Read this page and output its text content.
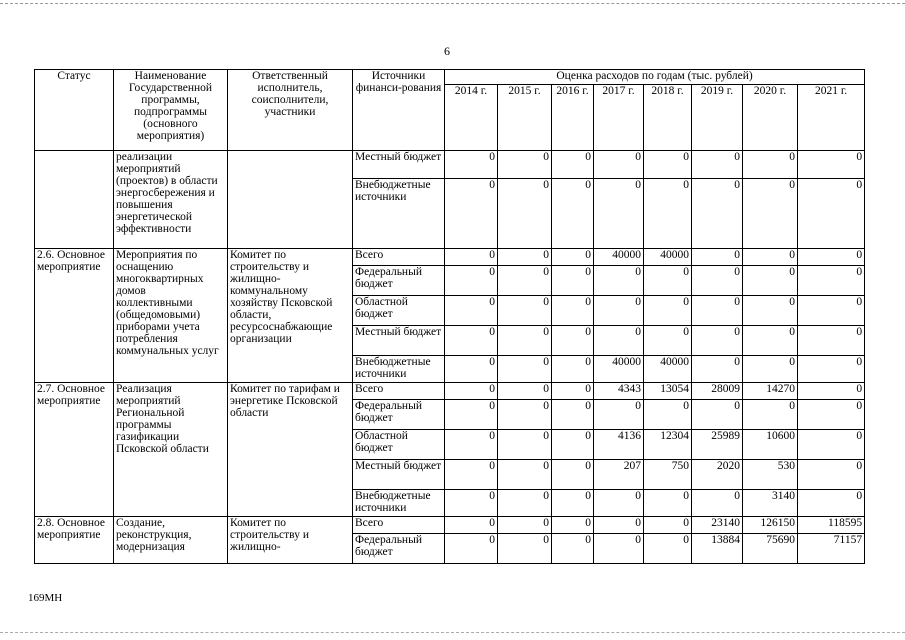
6
Статус	Наименование Государственной программы, подпрограммы (основного мероприятия)	Ответственный исполнитель, соисполнители, участники	Источники финанси-рования	Оценка расходов по годам (тыс. рублей)							
				2014 г.	2015 г.	2016 г.	2017 г.	2018 г.	2019 г.	2020 г.	2021 г.
	реализации мероприятий (проектов) в области энергосбережения и повышения энергетической эффективности		Местный бюджет	0	0	0	0	0	0	0	0
			Внебюджетные источники	0	0	0	0	0	0	0	0
2.6. Основное мероприятие	Мероприятия по оснащению многоквартирных домов коллективными (общедомовыми) приборами учета потребления коммунальных услуг	Комитет по строительству и жилищно-коммунальному хозяйству Псковской области, ресурсоснабжающие организации	Всего	0	0	0	40000	40000	0	0	0
			Федеральный бюджет	0	0	0	0	0	0	0	0
			Областной бюджет	0	0	0	0	0	0	0	0
			Местный бюджет	0	0	0	0	0	0	0	0
			Внебюджетные источники	0	0	0	40000	40000	0	0	0
2.7. Основное мероприятие	Реализация мероприятий Региональной программы газификации Псковской области	Комитет по тарифам и энергетике Псковской области	Всего	0	0	0	4343	13054	28009	14270	0
			Федеральный бюджет	0	0	0	0	0	0	0	0
			Областной бюджет	0	0	0	4136	12304	25989	10600	0
			Местный бюджет	0	0	0	207	750	2020	530	0
			Внебюджетные источники	0	0	0	0	0	0	3140	0
2.8. Основное мероприятие	Создание, реконструкция, модернизация	Комитет по строительству и жилищно-	Всего	0	0	0	0	0	23140	126150	118595
			Федеральный бюджет	0	0	0	0	0	13884	75690	71157
169МН
